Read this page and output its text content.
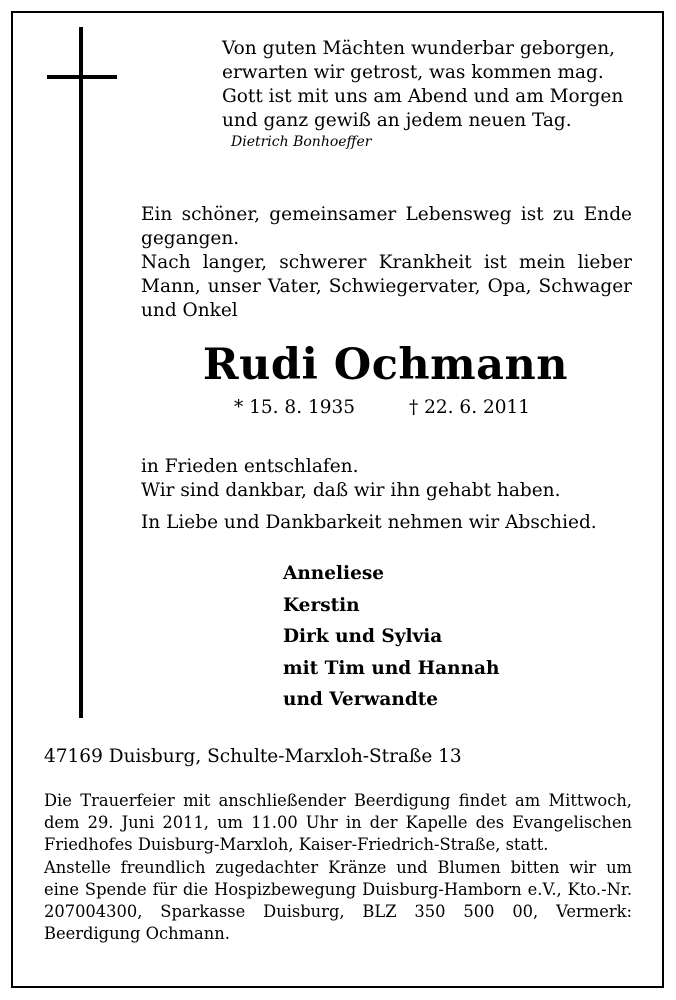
Von guten Mächten wunderbar geborgen,
erwarten wir getrost, was kommen mag.
Gott ist mit uns am Abend und am Morgen
und ganz gewiß an jedem neuen Tag.
Dietrich Bonhoeffer

Ein schöner, gemeinsamer Lebensweg ist zu Ende gegangen.

Nach langer, schwerer Krankheit ist mein lieber Mann, unser Vater, Schwiegervater, Opa, Schwager und Onkel

Rudi Ochmann
* 15. 8. 1935	† 22. 6. 2011

in Frieden entschlafen.

Wir sind dankbar, daß wir ihn gehabt haben.

In Liebe und Dankbarkeit nehmen wir Abschied.

Anneliese
Kerstin
Dirk und Sylvia
mit Tim und Hannah
und Verwandte
47169 Duisburg, Schulte-Marxloh-Straße 13
Die Trauerfeier mit anschließender Beerdigung findet am Mittwoch, dem 29. Juni 2011, um 11.00 Uhr in der Kapelle des Evangelischen Friedhofes Duisburg-Marxloh, Kaiser-Friedrich-Straße, statt.
Anstelle freundlich zugedachter Kränze und Blumen bitten wir um eine Spende für die Hospizbewegung Duisburg-Hamborn e.V., Kto.-Nr. 207004300, Sparkasse Duisburg, BLZ 350 500 00, Vermerk: Beerdigung Ochmann.
